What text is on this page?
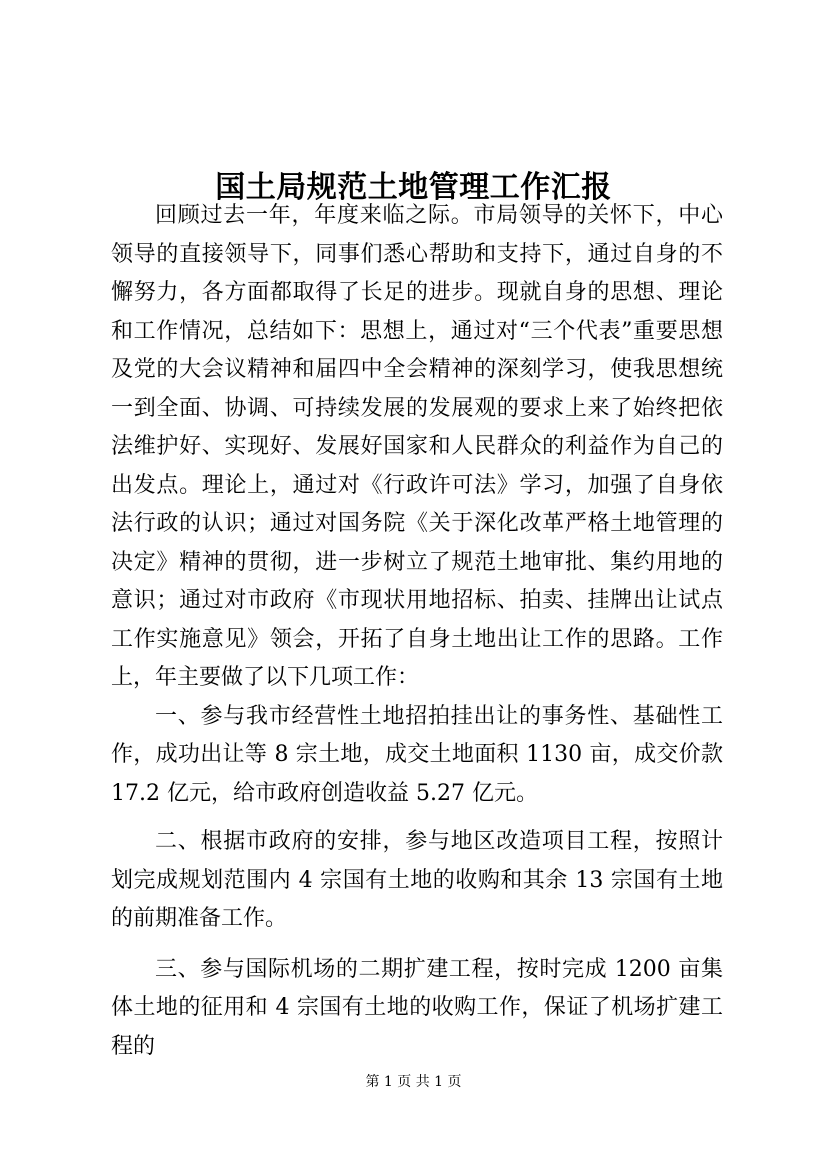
国土局规范土地管理工作汇报

回顾过去一年，年度来临之际。市局领导的关怀下，中心领导的直接领导下，同事们悉心帮助和支持下，通过自身的不懈努力，各方面都取得了长足的进步。现就自身的思想、理论和工作情况，总结如下：思想上，通过对“三个代表”重要思想及党的大会议精神和届四中全会精神的深刻学习，使我思想统一到全面、协调、可持续发展的发展观的要求上来了始终把依法维护好、实现好、发展好国家和人民群众的利益作为自己的出发点。理论上，通过对《行政许可法》学习，加强了自身依法行政的认识；通过对国务院《关于深化改革严格土地管理的决定》精神的贯彻，进一步树立了规范土地审批、集约用地的意识；通过对市政府《市现状用地招标、拍卖、挂牌出让试点工作实施意见》领会，开拓了自身土地出让工作的思路。工作上，年主要做了以下几项工作：

一、参与我市经营性土地招拍挂出让的事务性、基础性工作，成功出让等 8 宗土地，成交土地面积 1130 亩，成交价款 17.2 亿元，给市政府创造收益 5.27 亿元。

二、根据市政府的安排，参与地区改造项目工程，按照计划完成规划范围内 4 宗国有土地的收购和其余 13 宗国有土地的前期准备工作。

三、参与国际机场的二期扩建工程，按时完成 1200 亩集体土地的征用和 4 宗国有土地的收购工作，保证了机场扩建工程的

第 1 页 共 1 页
